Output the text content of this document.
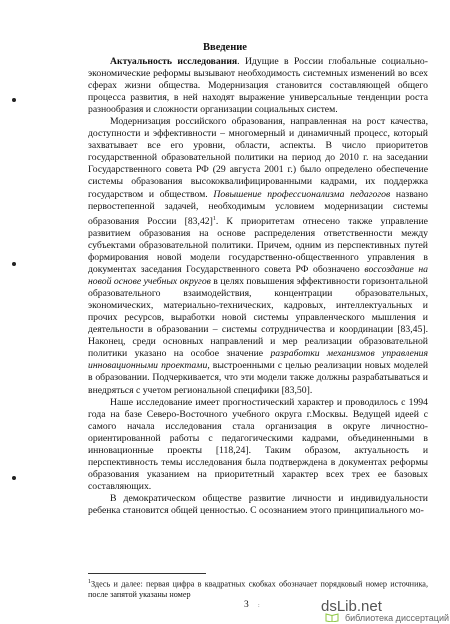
Введение

Актуальность исследования. Идущие в России глобальные социально-экономические реформы вызывают необходимость системных изменений во всех сферах жизни общества. Модернизация становится составляющей общего процесса развития, в ней находят выражение универсальные тенденции роста разнообразия и сложности организации социальных систем.

Модернизация российского образования, направленная на рост качества, доступности и эффективности – многомерный и динамичный процесс, который захватывает все его уровни, области, аспекты. В число приоритетов государственной образовательной политики на период до 2010 г. на заседании Государственного совета РФ (29 августа 2001 г.) было определено обеспечение системы образования высококвалифицированными кадрами, их поддержка государством и обществом. Повышение профессионализма педагогов названо первостепенной задачей, необходимым условием модернизации системы образования России $[83,42]^1$. К приоритетам отнесено также управление развитием образования на основе распределения ответственности между субъектами образовательной политики. Причем, одним из перспективных путей формирования новой модели государственно-общественного управления в документах заседания Государственного совета РФ обозначено воссоздание на новой основе учебных округов в целях повышения эффективности горизонтальной образовательного взаимодействия, концентрации образовательных, экономических, материально-технических, кадровых, интеллектуальных и прочих ресурсов, выработки новой системы управленческого мышления и деятельности в образовании – системы сотрудничества и координации [83,45]. Наконец, среди основных направлений и мер реализации образовательной политики указано на особое значение разработки механизмов управления инновационными проектами, выстроенными с целью реализации новых моделей в образовании. Подчеркивается, что эти модели также должны разрабатываться и внедряться с учетом региональной специфики [83,50].

Наше исследование имеет прогностический характер и проводилось с 1994 года на базе Северо-Восточного учебного округа г.Москвы. Ведущей идеей с самого начала исследования стала организация в округе личностно-ориентированной работы с педагогическими кадрами, объединенными в инновационные проекты [118,24]. Таким образом, актуальность и перспективность темы исследования была подтверждена в документах реформы образования указанием на приоритетный характер всех трех ее базовых составляющих.

В демократическом обществе развитие личности и индивидуальности ребенка становится общей ценностью. С осознанием этого принципиального мо-

$^1$Здесь и далее: первая цифра в квадратных скобках обозначает порядковый номер источника, после запятой указаны номер
3 :	dsLib.net
библиотека диссертаций
